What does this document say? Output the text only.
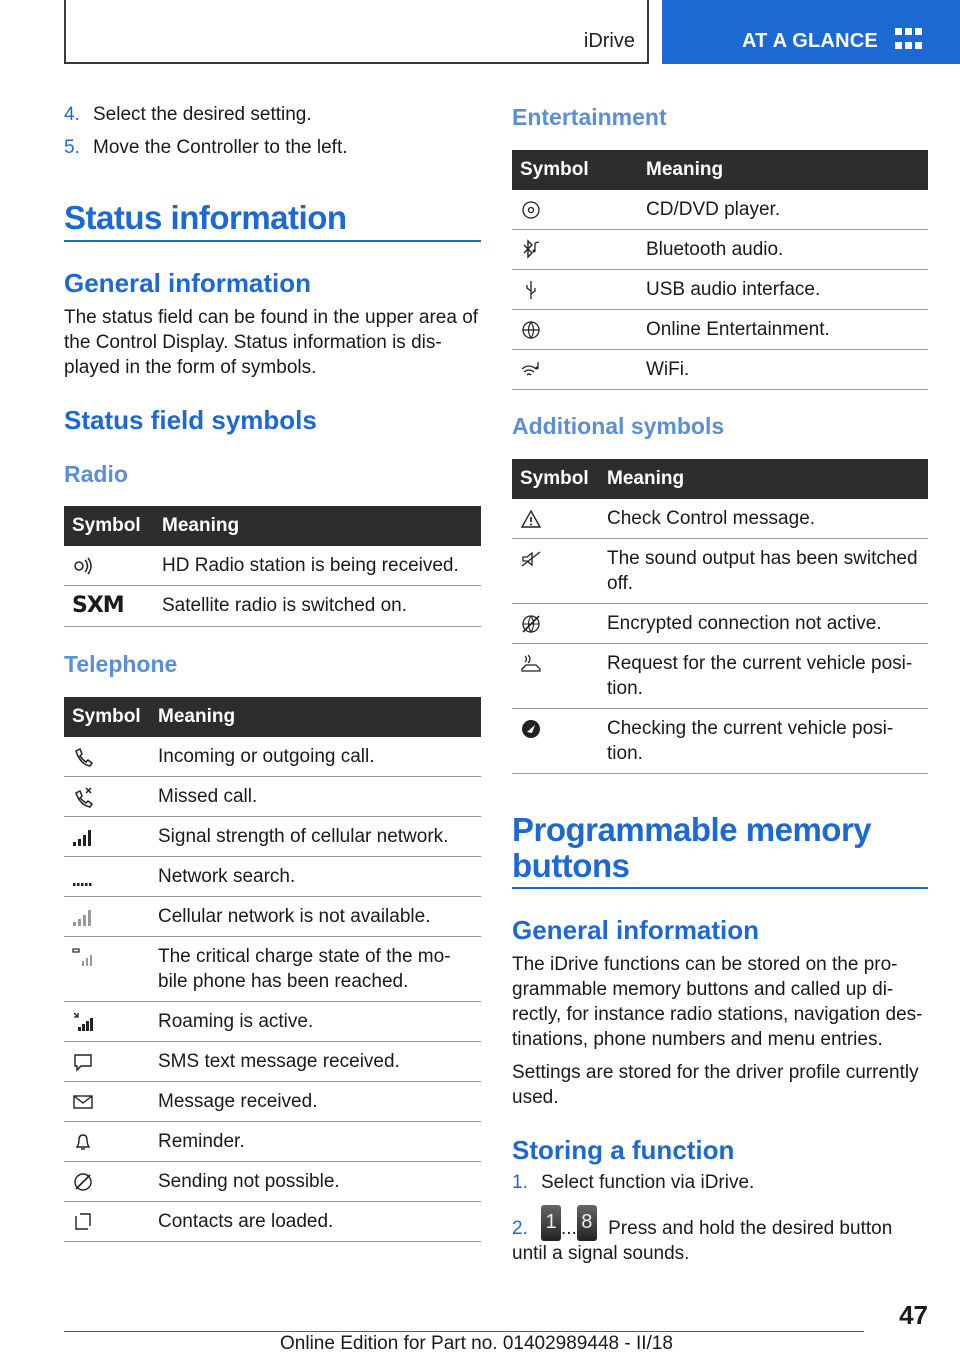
iDrive	AT A GLANCE
4. Select the desired setting.
5. Move the Controller to the left.
Status information
General information

The status field can be found in the upper area of the Control Display. Status information is dis‐ played in the form of symbols.

Status field symbols
Radio
Symbol	Meaning
	HD Radio station is being received.
SXM	Satellite radio is switched on.
Telephone
Symbol	Meaning
	Incoming or outgoing call.
	Missed call.
	Signal strength of cellular network.
	Network search.
	Cellular network is not available.
	The critical charge state of the mo‐ bile phone has been reached.
	Roaming is active.
	SMS text message received.
	Message received.
	Reminder.
	Sending not possible.
	Contacts are loaded.
Entertainment
Symbol	Meaning
	CD/DVD player.
	Bluetooth audio.
	USB audio interface.
	Online Entertainment.
	WiFi.
Additional symbols
Symbol	Meaning
	Check Control message.
	The sound output has been switched off.
	Encrypted connection not active.
	Request for the current vehicle posi‐ tion.
	Checking the current vehicle posi‐ tion.
Programmable memory
buttons
General information

The iDrive functions can be stored on the pro‐ grammable memory buttons and called up di‐ rectly, for instance radio stations, navigation des‐ tinations, phone numbers and menu entries.

Settings are stored for the driver profile currently used.

Storing a function
1. Select function via iDrive.
2. 1 ... 8 Press and hold the desired button until a signal sounds.
47
Online Edition for Part no. 01402989448 - II/18
